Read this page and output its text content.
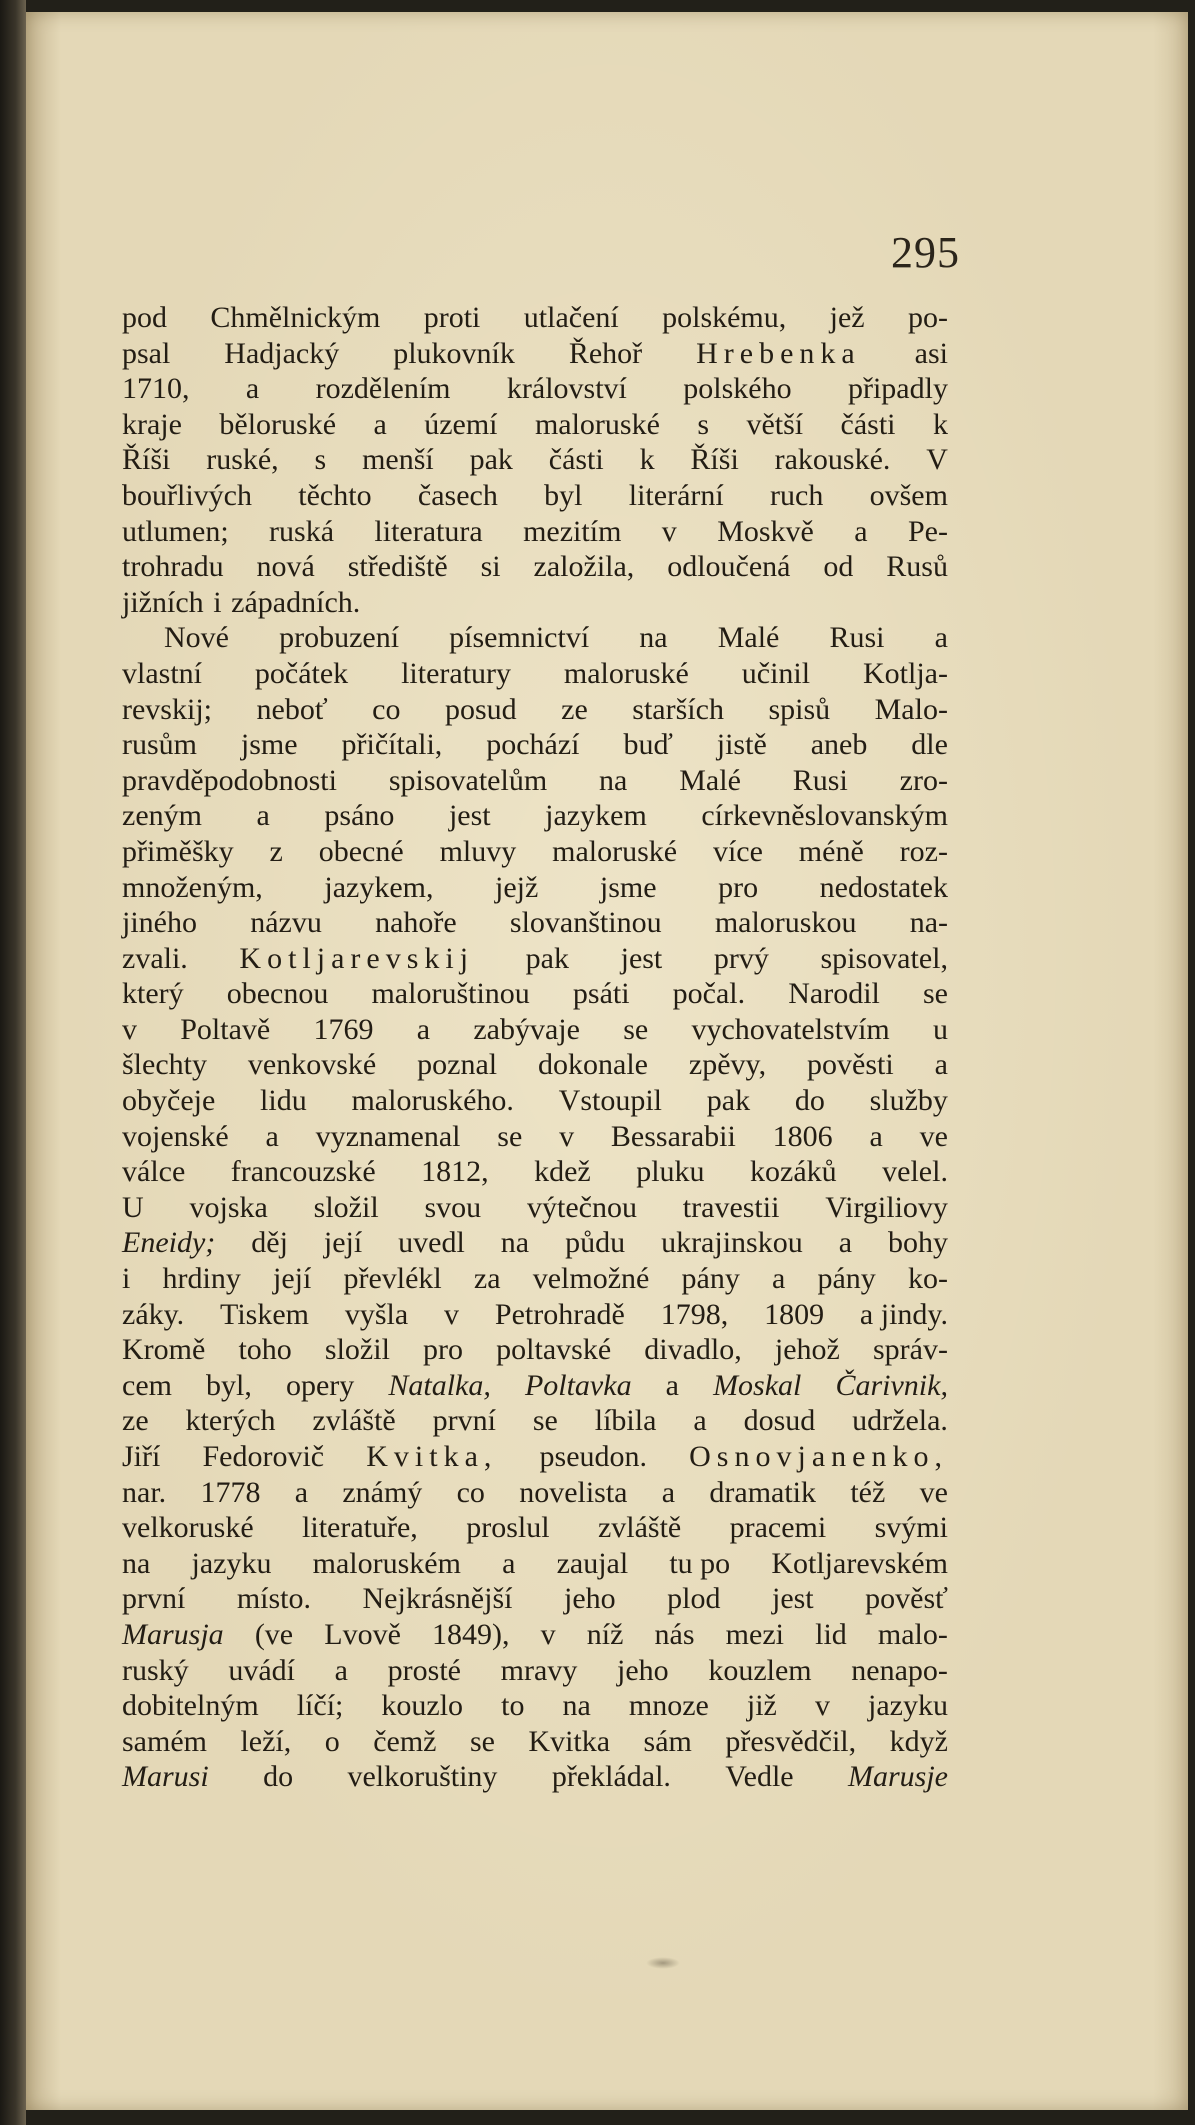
295

pod Chmělnickým proti utlačení polskému, jež po-
psal Hadjacký plukovník Řehoř Hrebenka asi
1710, a rozdělením království polského připadly
kraje běloruské a území maloruské s větší části k
Říši ruské, s menší pak části k Říši rakouské. V
bouřlivých těchto časech byl literární ruch ovšem
utlumen; ruská literatura mezitím v Moskvě a Pe-
trohradu nová střediště si založila, odloučená od Rusů
jižních i západních.
Nové probuzení písemnictví na Malé Rusi a
vlastní počátek literatury maloruské učinil Kotlja-
revskij; neboť co posud ze starších spisů Malo-
rusům jsme přičítali, pochází buď jistě aneb dle
pravděpodobnosti spisovatelům na Malé Rusi zro-
zeným a psáno jest jazykem církevněslovanským
přiměšky z obecné mluvy maloruské více méně roz-
množeným, jazykem, jejž jsme pro nedostatek
jiného názvu nahoře slovanštinou maloruskou na-
zvali. Kotljarevskij pak jest prvý spisovatel,
který obecnou maloruštinou psáti počal. Narodil se
v Poltavě 1769 a zabývaje se vychovatelstvím u
šlechty venkovské poznal dokonale zpěvy, pověsti a
obyčeje lidu maloruského. Vstoupil pak do služby
vojenské a vyznamenal se v Bessarabii 1806 a ve
válce francouzské 1812, kdež pluku kozáků velel.
U vojska složil svou výtečnou travestii Virgiliovy
Eneidy; děj její uvedl na půdu ukrajinskou a bohy
i hrdiny její převlékl za velmožné pány a pány ko-
záky. Tiskem vyšla v Petrohradě 1798, 1809 a jindy.
Kromě toho složil pro poltavské divadlo, jehož správ-
cem byl, opery Natalka, Poltavka a Moskal Čarivnik,
ze kterých zvláště první se líbila a dosud udržela.
Jiří Fedorovič Kvitka, pseudon. Osnovjanenko,
nar. 1778 a známý co novelista a dramatik též ve
velkoruské literatuře, proslul zvláště pracemi svými
na jazyku maloruském a zaujal tu po Kotljarevském
první místo. Nejkrásnější jeho plod jest pověsť
Marusja (ve Lvově 1849), v níž nás mezi lid malo-
ruský uvádí a prosté mravy jeho kouzlem nenapo-
dobitelným líčí; kouzlo to na mnoze již v jazyku
samém leží, o čemž se Kvitka sám přesvědčil, když
Marusi do velkoruštiny překládal. Vedle Marusje
